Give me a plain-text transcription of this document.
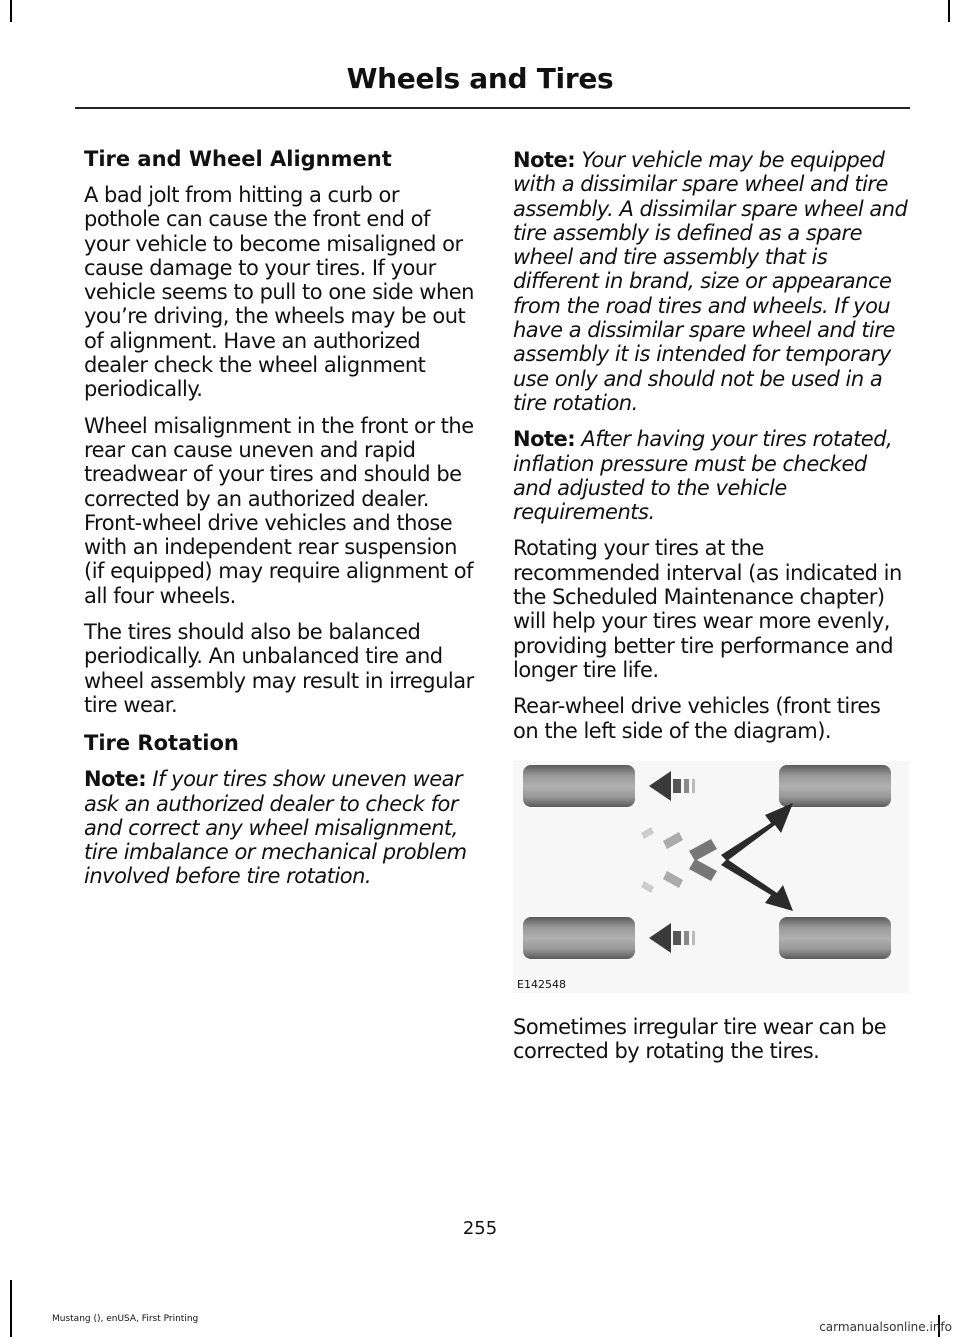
Wheels and Tires
Tire and Wheel Alignment

A bad jolt from hitting a curb or pothole can cause the front end of your vehicle to become misaligned or cause damage to your tires. If your vehicle seems to pull to one side when you’re driving, the wheels may be out of alignment. Have an authorized dealer check the wheel alignment periodically.

Wheel misalignment in the front or the rear can cause uneven and rapid treadwear of your tires and should be corrected by an authorized dealer. Front-wheel drive vehicles and those with an independent rear suspension (if equipped) may require alignment of all four wheels.

The tires should also be balanced periodically. An unbalanced tire and wheel assembly may result in irregular tire wear.

Tire Rotation

Note: If your tires show uneven wear ask an authorized dealer to check for and correct any wheel misalignment, tire imbalance or mechanical problem involved before tire rotation.

Note: Your vehicle may be equipped with a dissimilar spare wheel and tire assembly. A dissimilar spare wheel and tire assembly is defined as a spare wheel and tire assembly that is different in brand, size or appearance from the road tires and wheels. If you have a dissimilar spare wheel and tire assembly it is intended for temporary use only and should not be used in a tire rotation.

Note: After having your tires rotated, inflation pressure must be checked and adjusted to the vehicle requirements.

Rotating your tires at the recommended interval (as indicated in the Scheduled Maintenance chapter) will help your tires wear more evenly, providing better tire performance and longer tire life.

Rear-wheel drive vehicles (front tires on the left side of the diagram).

E142548

Sometimes irregular tire wear can be corrected by rotating the tires.

255
Mustang (), enUSA, First Printing
carmanualsonline.info
